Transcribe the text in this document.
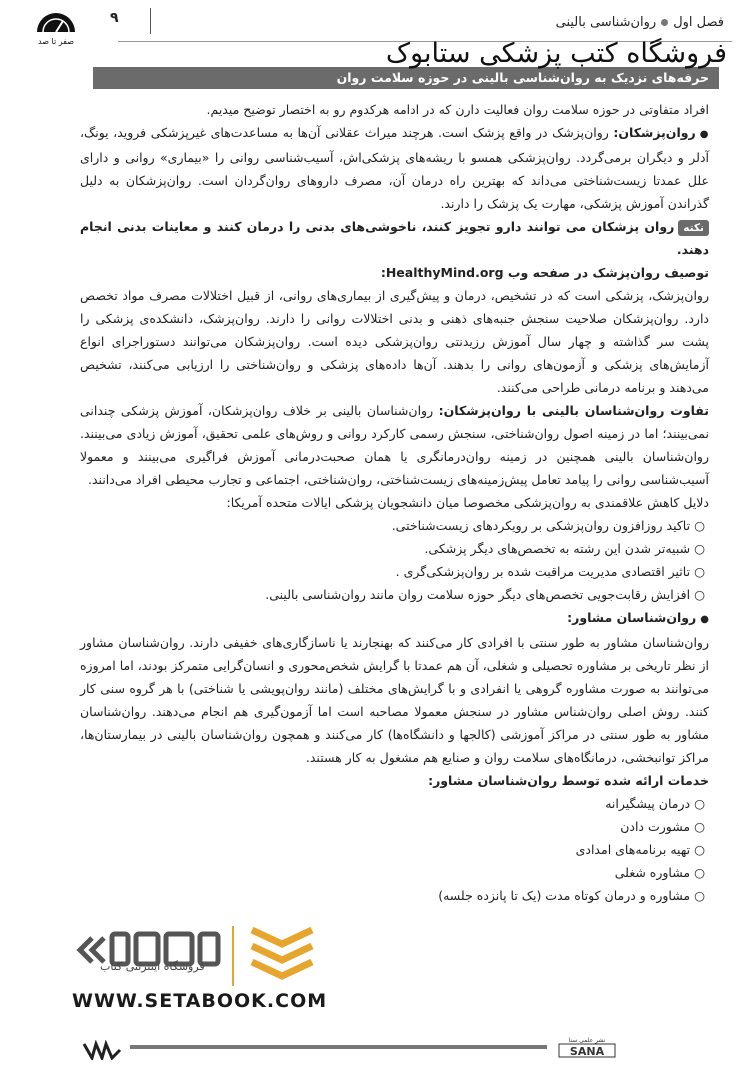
صفر تا صد
فصل اول
روان‌شناسی بالینی
۹
حرفه‌های نزدیک به روان‌شناسی بالینی در حوزه سلامت روان
فروشگاه کتب پزشکی ستابوک

افراد متفاوتی در حوزه سلامت روان فعالیت دارن که در ادامه هرکدوم رو به اختصار توضیح میدیم.

● روان‌پزشکان: روان‌پزشک در واقع پزشک است. هرچند میراث عقلانی آن‌ها به مساعدت‌های غیرپزشکی فروید، یونگ، آدلر و دیگران برمی‌گردد. روان‌پزشکی همسو با ریشه‌های پزشکی‌اش، آسیب‌شناسی روانی را «بیماری» روانی و دارای علل عمدتا زیست‌شناختی می‌داند که بهترین راه درمان آن، مصرف داروهای روان‌گردان است. روان‌پزشکان به دلیل گذراندن آموزش پزشکی، مهارت یک پزشک را دارند.

نکتهروان پزشکان می توانند دارو تجویز کنند، ناخوشی‌های بدنی را درمان کنند و معاینات بدنی انجام دهند.

توصیف روان‌پزشک در صفحه وب HealthyMind.org:

روان‌پزشک، پزشکی است که در تشخیص، درمان و پیش‌گیری از بیماری‌های روانی، از قبیل اختلالات مصرف مواد تخصص دارد. روان‌پزشکان صلاحیت سنجش جنبه‌های ذهنی و بدنی اختلالات روانی را دارند. روان‌پزشک، دانشکده‌ی پزشکی را پشت سر گذاشته و چهار سال آموزش رزیدنتی روان‌پزشکی دیده است. روان‌پزشکان می‌توانند دستوراجرای انواع آزمایش‌های پزشکی و آزمون‌های روانی را بدهند. آن‌ها داده‌های پزشکی و روان‌شناختی را ارزیابی می‌کنند، تشخیص می‌دهند و برنامه درمانی طراحی می‌کنند.

تفاوت روان‌شناسان بالینی با روان‌پزشکان: روان‌شناسان بالینی بر خلاف روان‌پزشکان، آموزش پزشکی چندانی نمی‌بینند؛ اما در زمینه اصول روان‌شناختی، سنجش رسمی کارکرد روانی و روش‌های علمی تحقیق، آموزش زیادی می‌بینند. روان‌شناسان بالینی همچنین در زمینه روان‌درمانگری یا همان صحبت‌درمانی آموزش فراگیری می‌بینند و معمولا آسیب‌شناسی روانی را پیامد تعامل پیش‌زمینه‌های زیست‌شناختی، روان‌شناختی، اجتماعی و تجارب محیطی افراد می‌دانند.

دلایل کاهش علاقمندی به روان‌پزشکی مخصوصا میان دانشجویان پزشکی ایالات متحده آمریکا:

○ تاکید روزافزون روان‌پزشکی بر رویکردهای زیست‌شناختی.

○ شبیه‌تر شدن این رشته به تخصص‌های دیگر پزشکی.

○ تاثیر اقتصادی مدیریت مراقبت شده بر روان‌پزشکی‌گری .

○ افزایش رقابت‌جویی تخصص‌های دیگر حوزه سلامت روان مانند روان‌شناسی بالینی.

● روان‌شناسان مشاور:

روان‌شناسان مشاور به طور سنتی با افرادی کار می‌کنند که بهنجارند یا ناسازگاری‌های خفیفی دارند. روان‌شناسان مشاور از نظر تاریخی بر مشاوره تحصیلی و شغلی، آن هم عمدتا با گرایش شخص‌محوری و انسان‌گرایی متمرکز بودند، اما امروزه می‌توانند به صورت مشاوره گروهی یا انفرادی و با گرایش‌های مختلف (مانند روان‌پویشی یا شناختی) با هر گروه سنی کار کنند. روش اصلی روان‌شناس مشاور در سنجش معمولا مصاحبه است اما آزمون‌گیری هم انجام می‌دهند. روان‌شناسان مشاور به طور سنتی در مراکز آموزشی (کالجها و دانشگاه‌ها) کار می‌کنند و همچون روان‌شناسان بالینی در بیمارستان‌ها، مراکز توانبخشی، درمانگاه‌های سلامت روان و صنایع هم مشغول به کار هستند.

خدمات ارائه شده توسط روان‌شناسان مشاور:

○ درمان پیشگیرانه

○ مشورت دادن

○ تهیه برنامه‌های امدادی

○ مشاوره شغلی

○ مشاوره و درمان کوتاه مدت (یک تا پانزده جلسه)

فروشگاه اینترنتی کتاب
WWW.SETABOOK.COM
نشر علمی سنا
SANA
